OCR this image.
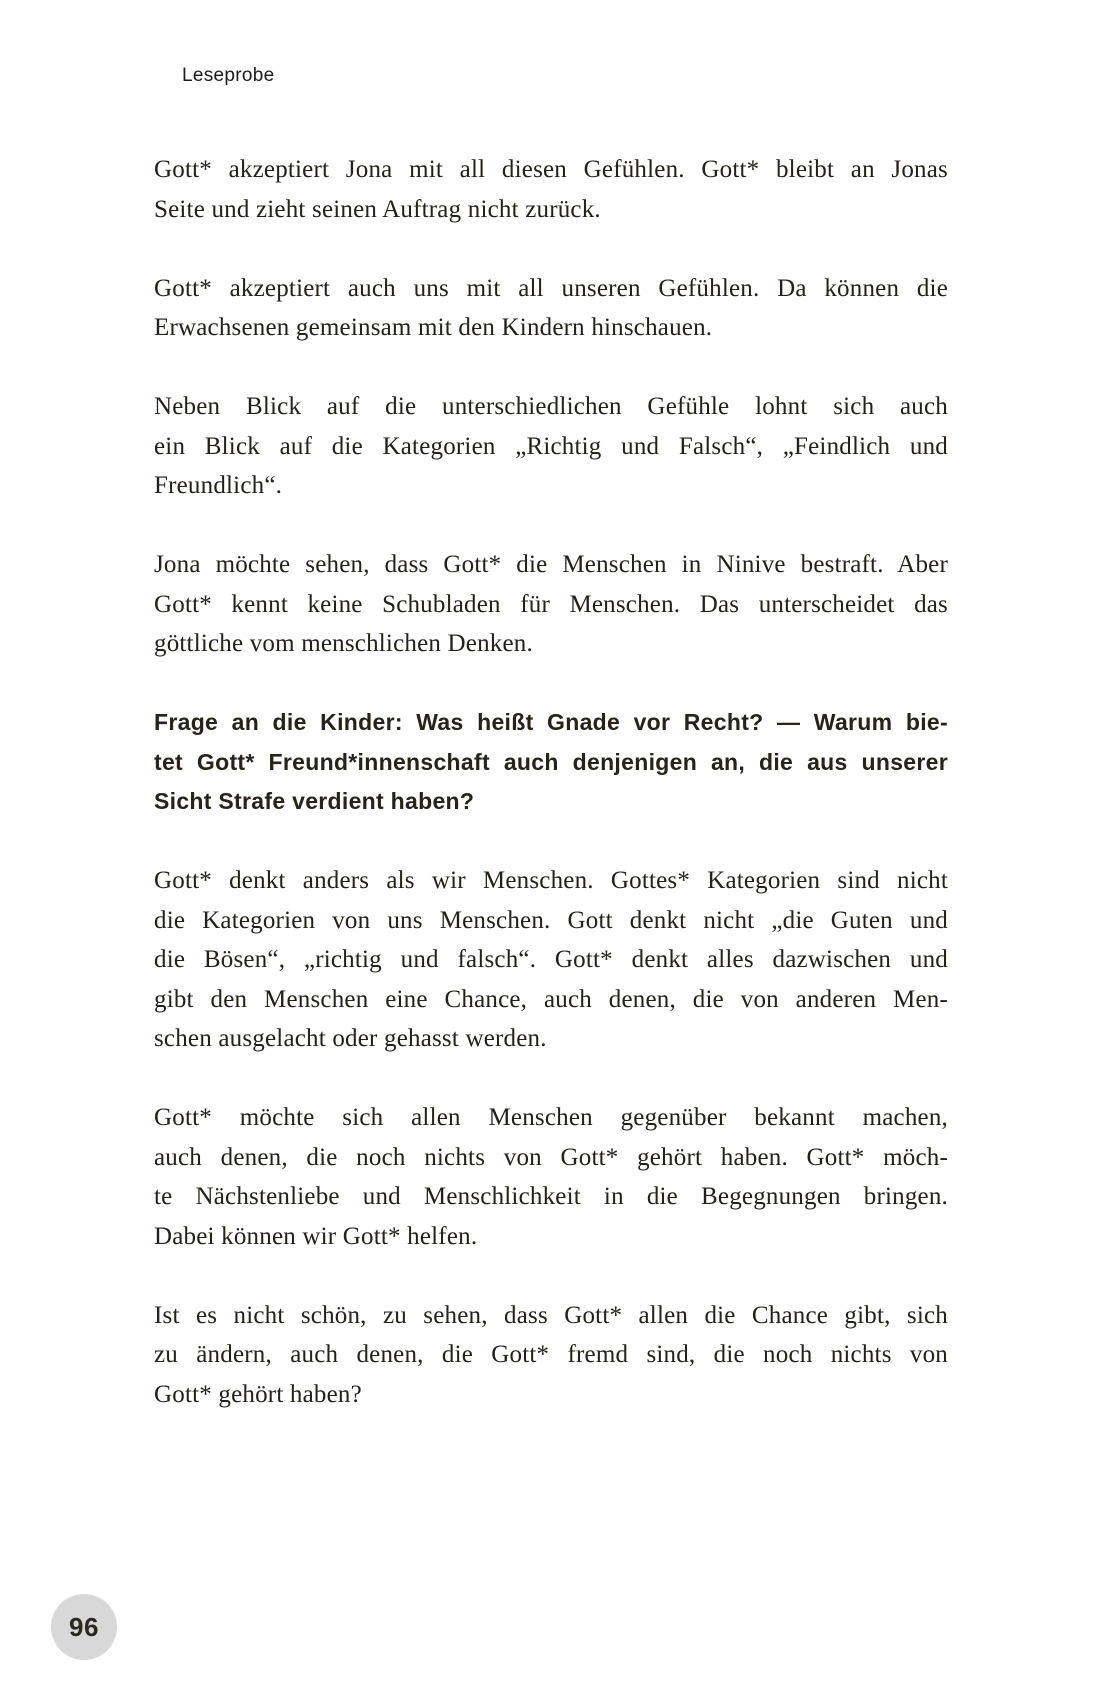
Leseprobe
Gott* akzeptiert Jona mit all diesen Gefühlen. Gott* bleibt an Jonas
Seite und zieht seinen Auftrag nicht zurück.
Gott* akzeptiert auch uns mit all unseren Gefühlen. Da können die
Erwachsenen gemeinsam mit den Kindern hinschauen.
Neben Blick auf die unterschiedlichen Gefühle lohnt sich auch
ein Blick auf die Kategorien „Richtig und Falsch“, „Feindlich und
Freundlich“.
Jona möchte sehen, dass Gott* die Menschen in Ninive bestraft. Aber
Gott* kennt keine Schubladen für Menschen. Das unterscheidet das
göttliche vom menschlichen Denken.
Frage an die Kinder: Was heißt Gnade vor Recht? — Warum bie-
tet Gott* Freund*innenschaft auch denjenigen an, die aus unserer
Sicht Strafe verdient haben?
Gott* denkt anders als wir Menschen. Gottes* Kategorien sind nicht
die Kategorien von uns Menschen. Gott denkt nicht „die Guten und
die Bösen“, „richtig und falsch“. Gott* denkt alles dazwischen und
gibt den Menschen eine Chance, auch denen, die von anderen Men-
schen ausgelacht oder gehasst werden.
Gott* möchte sich allen Menschen gegenüber bekannt machen,
auch denen, die noch nichts von Gott* gehört haben. Gott* möch-
te Nächstenliebe und Menschlichkeit in die Begegnungen bringen.
Dabei können wir Gott* helfen.
Ist es nicht schön, zu sehen, dass Gott* allen die Chance gibt, sich
zu ändern, auch denen, die Gott* fremd sind, die noch nichts von
Gott* gehört haben?
96
